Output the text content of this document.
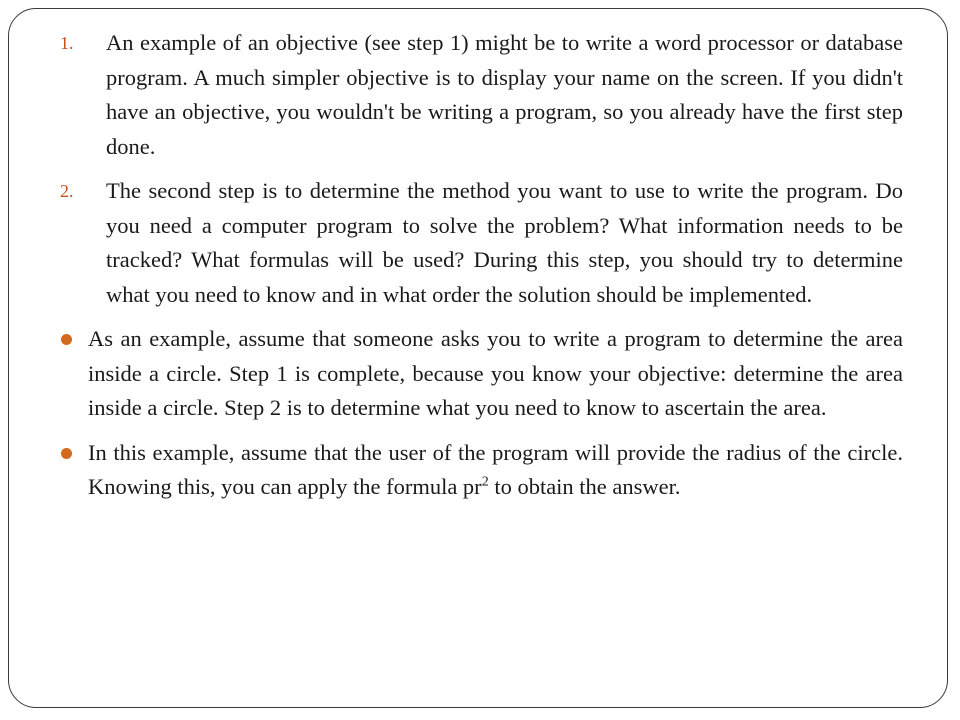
1. An example of an objective (see step 1) might be to write a word processor or database program. A much simpler objective is to display your name on the screen. If you didn't have an objective, you wouldn't be writing a program, so you already have the first step done.
2. The second step is to determine the method you want to use to write the program. Do you need a computer program to solve the problem? What information needs to be tracked? What formulas will be used? During this step, you should try to determine what you need to know and in what order the solution should be implemented.
As an example, assume that someone asks you to write a program to determine the area inside a circle. Step 1 is complete, because you know your objective: determine the area inside a circle. Step 2 is to determine what you need to know to ascertain the area.
In this example, assume that the user of the program will provide the radius of the circle. Knowing this, you can apply the formula $pr^2$ to obtain the answer.
